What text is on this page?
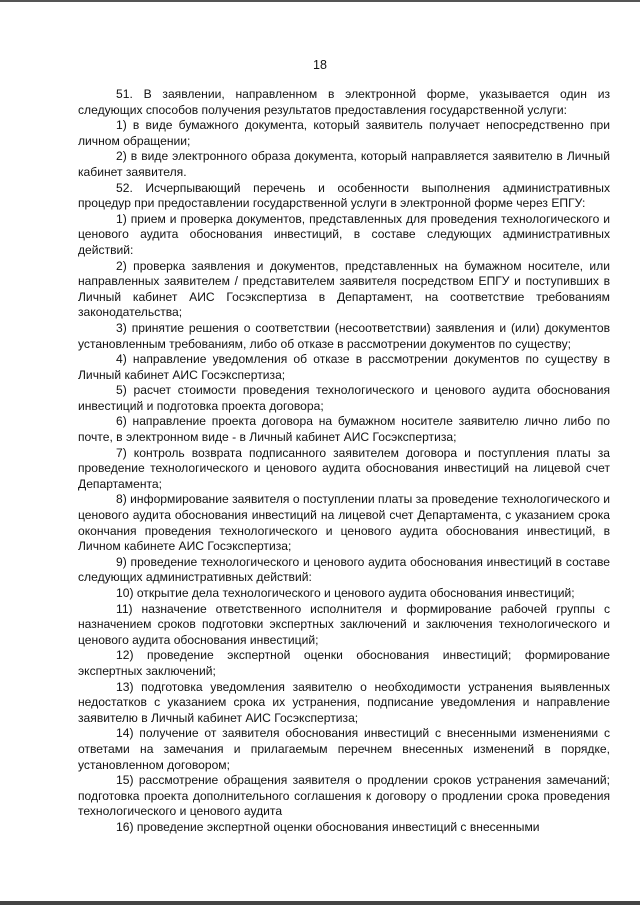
18

51. В заявлении, направленном в электронной форме, указывается один из следующих способов получения результатов предоставления государственной услуги:

1) в виде бумажного документа, который заявитель получает непосредственно при личном обращении;

2) в виде электронного образа документа, который направляется заявителю в Личный кабинет заявителя.

52. Исчерпывающий перечень и особенности выполнения административных процедур при предоставлении государственной услуги в электронной форме через ЕПГУ:

1) прием и проверка документов, представленных для проведения технологического и ценового аудита обоснования инвестиций, в составе следующих административных действий:

2) проверка заявления и документов, представленных на бумажном носителе, или направленных заявителем / представителем заявителя посредством ЕПГУ и поступивших в Личный кабинет АИС Госэкспертиза в Департамент, на соответствие требованиям законодательства;

3) принятие решения о соответствии (несоответствии) заявления и (или) документов установленным требованиям, либо об отказе в рассмотрении документов по существу;

4) направление уведомления об отказе в рассмотрении документов по существу в Личный кабинет АИС Госэкспертиза;

5) расчет стоимости проведения технологического и ценового аудита обоснования инвестиций и подготовка проекта договора;

6) направление проекта договора на бумажном носителе заявителю лично либо по почте, в электронном виде - в Личный кабинет АИС Госэкспертиза;

7) контроль возврата подписанного заявителем договора и поступления платы за проведение технологического и ценового аудита обоснования инвестиций на лицевой счет Департамента;

8) информирование заявителя о поступлении платы за проведение технологического и ценового аудита обоснования инвестиций на лицевой счет Департамента, с указанием срока окончания проведения технологического и ценового аудита обоснования инвестиций, в Личном кабинете АИС Госэкспертиза;

9) проведение технологического и ценового аудита обоснования инвестиций в составе следующих административных действий:

10) открытие дела технологического и ценового аудита обоснования инвестиций;

11) назначение ответственного исполнителя и формирование рабочей группы с назначением сроков подготовки экспертных заключений и заключения технологического и ценового аудита обоснования инвестиций;

12) проведение экспертной оценки обоснования инвестиций; формирование экспертных заключений;

13) подготовка уведомления заявителю о необходимости устранения выявленных недостатков с указанием срока их устранения, подписание уведомления и направление заявителю в Личный кабинет АИС Госэкспертиза;

14) получение от заявителя обоснования инвестиций с внесенными изменениями с ответами на замечания и прилагаемым перечнем внесенных изменений в порядке, установленном договором;

15) рассмотрение обращения заявителя о продлении сроков устранения замечаний; подготовка проекта дополнительного соглашения к договору о продлении срока проведения технологического и ценового аудита

16) проведение экспертной оценки обоснования инвестиций с внесенными
